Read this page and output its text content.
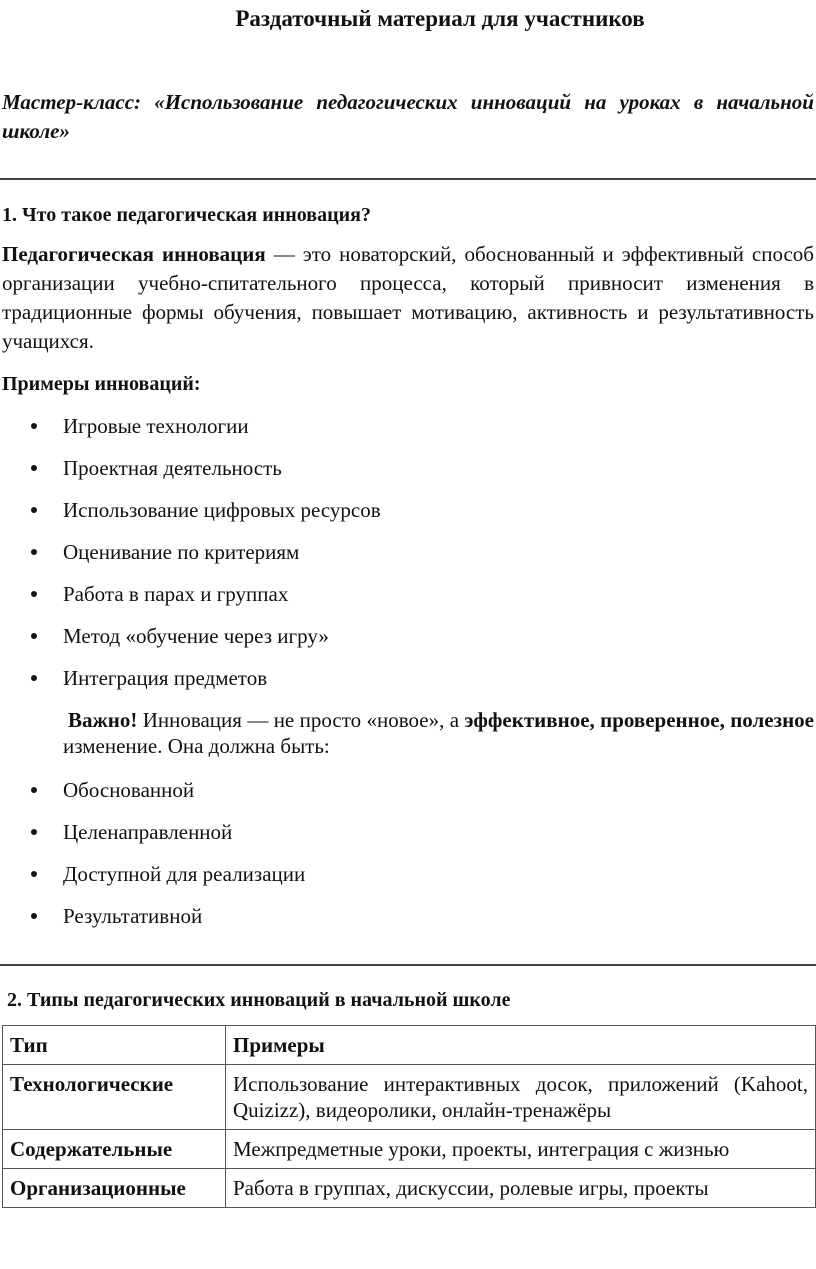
Раздаточный материал для участников

Мастер-класс: «Использование педагогических инноваций на уроках в начальной школе»

1. Что такое педагогическая инновация?

Педагогическая инновация — это новаторский, обоснованный и эффективный способ организации учебно-спитательного процесса, который привносит изменения в традиционные формы обучения, повышает мотивацию, активность и результативность учащихся.

Примеры инноваций:
Игровые технологии
Проектная деятельность
Использование цифровых ресурсов
Оценивание по критериям
Работа в парах и группах
Метод «обучение через игру»
Интеграция предметов

Важно! Инновация — не просто «новое», а эффективное, проверенное, полезное изменение. Она должна быть:

Обоснованной
Целенаправленной
Доступной для реализации
Результативной
2. Типы педагогических инноваций в начальной школе
Тип	Примеры
Технологические	Использование интерактивных досок, приложений (Kahoot, Quizizz), видеоролики, онлайн-тренажёры
Содержательные	Межпредметные уроки, проекты, интеграция с жизнью
Организационные	Работа в группах, дискуссии, ролевые игры, проекты
